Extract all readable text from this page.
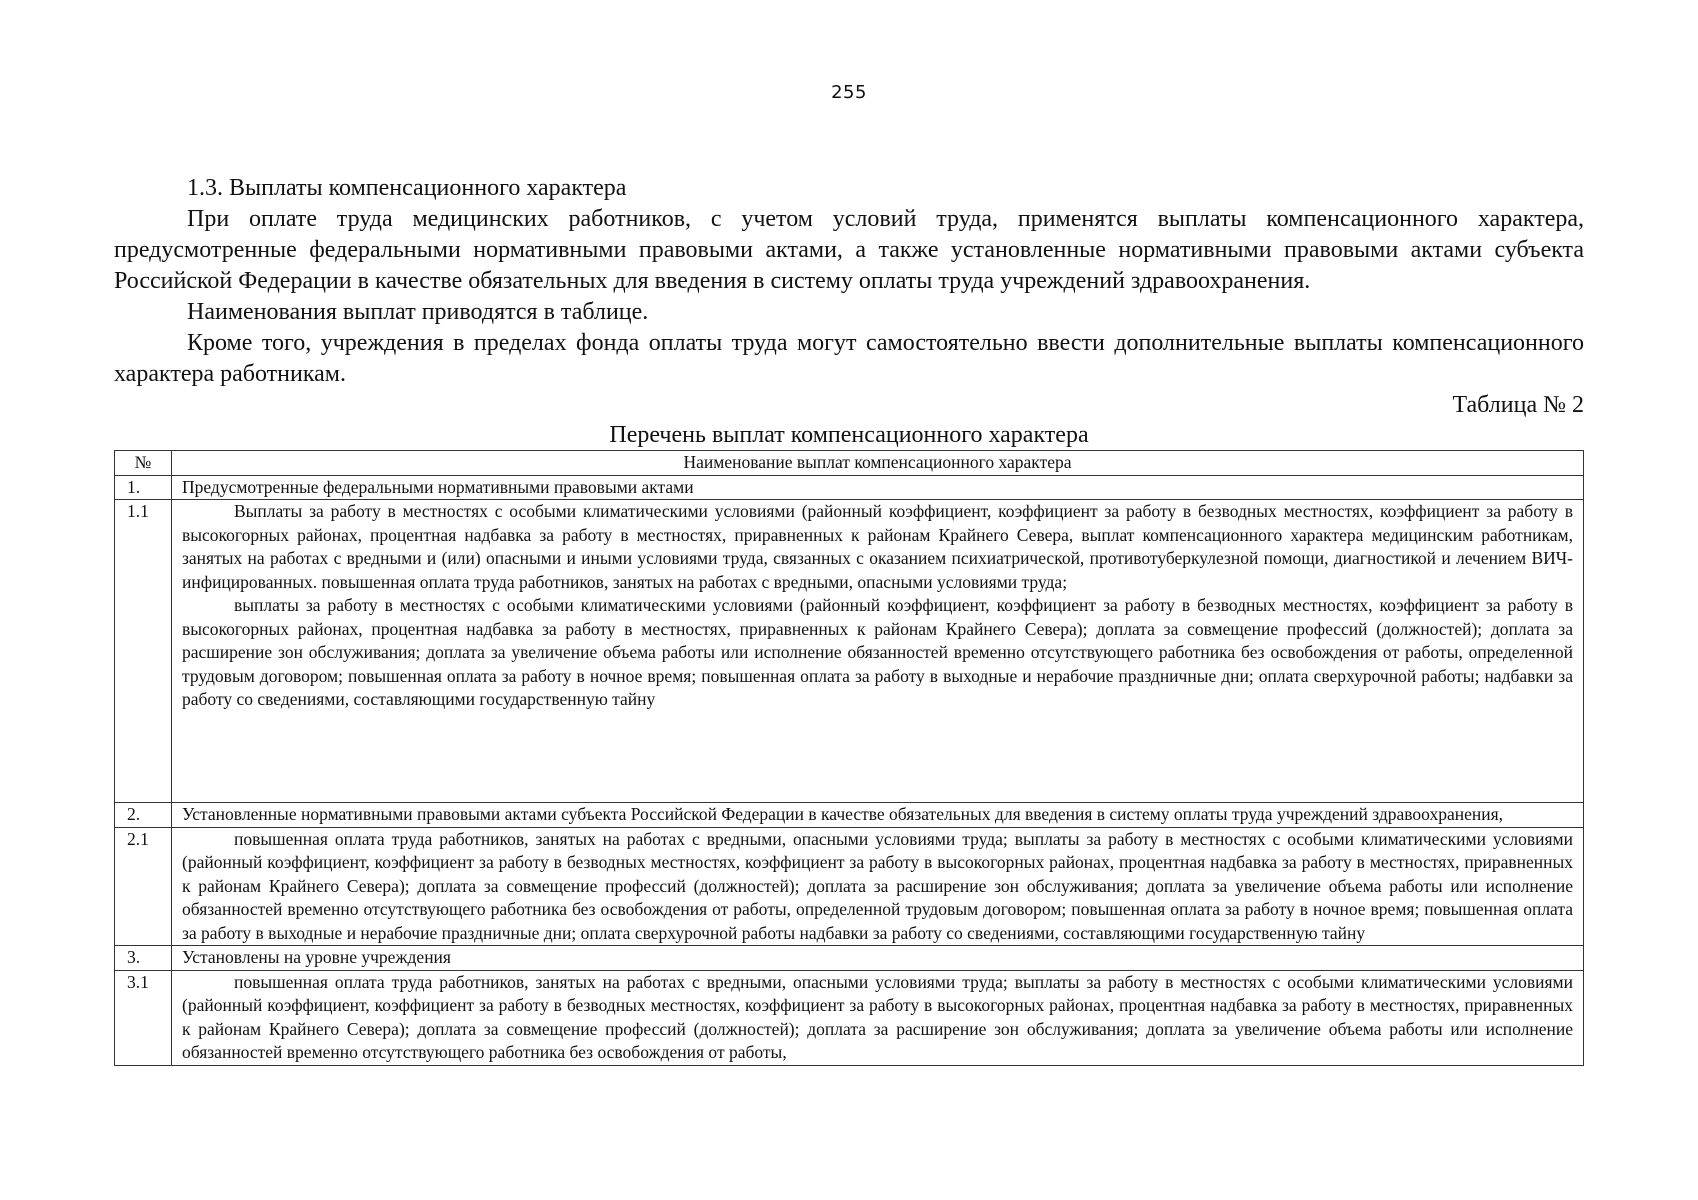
255

1.3. Выплаты компенсационного характера

При оплате труда медицинских работников, с учетом условий труда, применятся выплаты компенсационного характера, предусмотренные федеральными нормативными правовыми актами, а также установленные нормативными правовыми актами субъекта Российской Федерации в качестве обязательных для введения в систему оплаты труда учреждений здравоохранения.

Наименования выплат приводятся в таблице.

Кроме того, учреждения в пределах фонда оплаты труда могут самостоятельно ввести дополнительные выплаты компенсационного характера работникам.

Таблица № 2

Перечень выплат компенсационного характера

№	Наименование выплат компенсационного характера
1.	Предусмотренные федеральными нормативными правовыми актами
1.1	Выплаты за работу в местностях с особыми климатическими условиями (районный коэффициент, коэффициент за работу в безводных местностях, коэффициент за работу в высокогорных районах, процентная надбавка за работу в местностях, приравненных к районам Крайнего Севера, выплат компенсационного характера медицинским работникам, занятых на работах с вредными и (или) опасными и иными условиями труда, связанных с оказанием психиатрической, противотуберкулезной помощи, диагностикой и лечением ВИЧ-инфицированных. повышенная оплата труда работников, занятых на работах с вредными, опасными условиями труда;

выплаты за работу в местностях с особыми климатическими условиями (районный коэффициент, коэффициент за работу в безводных местностях, коэффициент за работу в высокогорных районах, процентная надбавка за работу в местностях, приравненных к районам Крайнего Севера); доплата за совмещение профессий (должностей); доплата за расширение зон обслуживания; доплата за увеличение объема работы или исполнение обязанностей временно отсутствующего работника без освобождения от работы, определенной трудовым договором; повышенная оплата за работу в ночное время; повышенная оплата за работу в выходные и нерабочие праздничные дни; оплата сверхурочной работы; надбавки за работу со сведениями, составляющими государственную тайну

2.	Установленные нормативными правовыми актами субъекта Российской Федерации в качестве обязательных для введения в систему оплаты труда учреждений здравоохранения,

2.1	повышенная оплата труда работников, занятых на работах с вредными, опасными условиями труда; выплаты за работу в местностях с особыми климатическими условиями (районный коэффициент, коэффициент за работу в безводных местностях, коэффициент за работу в высокогорных районах, процентная надбавка за работу в местностях, приравненных к районам Крайнего Севера); доплата за совмещение профессий (должностей); доплата за расширение зон обслуживания; доплата за увеличение объема работы или исполнение обязанностей временно отсутствующего работника без освобождения от работы, определенной трудовым договором; повышенная оплата за работу в ночное время; повышенная оплата за работу в выходные и нерабочие праздничные дни; оплата сверхурочной работы надбавки за работу со сведениями, составляющими государственную тайну

3.	Установлены на уровне учреждения
3.1	повышенная оплата труда работников, занятых на работах с вредными, опасными условиями труда; выплаты за работу в местностях с особыми климатическими условиями (районный коэффициент, коэффициент за работу в безводных местностях, коэффициент за работу в высокогорных районах, процентная надбавка за работу в местностях, приравненных к районам Крайнего Севера); доплата за совмещение профессий (должностей); доплата за расширение зон обслуживания; доплата за увеличение объема работы или исполнение обязанностей временно отсутствующего работника без освобождения от работы,
